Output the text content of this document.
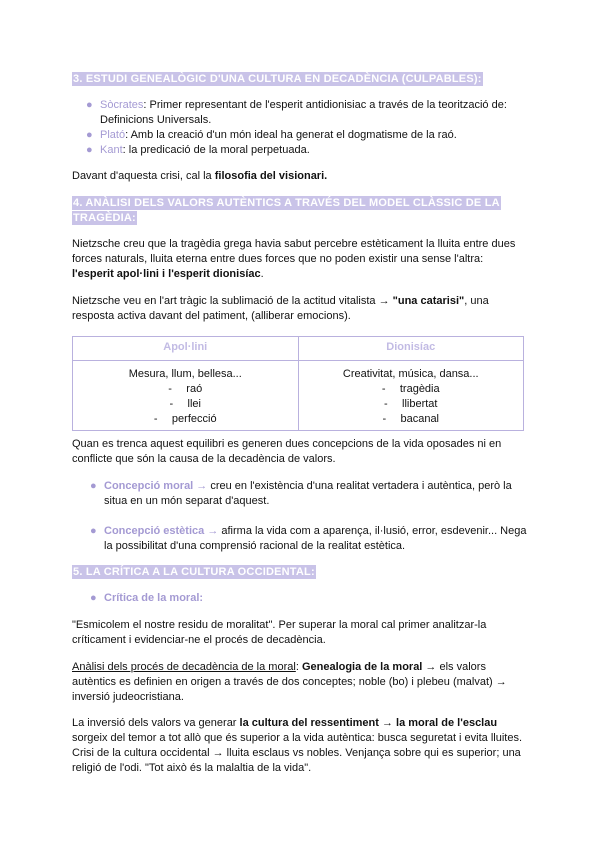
3. ESTUDI GENEALÒGIC D'UNA CULTURA EN DECADÈNCIA (CULPABLES):
● Sòcrates: Primer representant de l'esperit antidionisiac a través de la teorització de: Definicions Universals.
● Plató: Amb la creació d'un món ideal ha generat el dogmatisme de la raó.
● Kant: la predicació de la moral perpetuada.

Davant d'aquesta crisi, cal la filosofia del visionari.

4. ANÀLISI DELS VALORS AUTÈNTICS A TRAVÉS DEL MODEL CLÀSSIC DE LA TRAGÈDIA:

Nietzsche creu que la tragèdia grega havia sabut percebre estèticament la lluita entre dues forces naturals, lluita eterna entre dues forces que no poden existir una sense l'altra:
l'esperit apol·lini i l'esperit dionisíac.

Nietzsche veu en l'art tràgic la sublimació de la actitud vitalista → "una catarisi", una resposta activa davant del patiment, (alliberar emocions).

Apol·lini	Dionisíac

Mesura, llum, bellesa...
- raó
- llei
- perfecció	Creativitat, música, dansa...
- tragèdia
- llibertat
- bacanal

Quan es trenca aquest equilibri es generen dues concepcions de la vida oposades ni en conflicte que són la causa de la decadència de valors.

● Concepció moral → creu en l'existència d'una realitat vertadera i autèntica, però la situa en un món separat d'aquest.
● Concepció estètica → afirma la vida com a aparença, il·lusió, error, esdevenir... Nega la possibilitat d'una comprensió racional de la realitat estètica.
5. LA CRÍTICA A LA CULTURA OCCIDENTAL:
● Crítica de la moral:

"Esmicolem el nostre residu de moralitat". Per superar la moral cal primer analitzar-la críticament i evidenciar-ne el procés de decadència.

Anàlisi dels procés de decadència de la moral: Genealogia de la moral → els valors autèntics es definien en origen a través de dos conceptes; noble (bo) i plebeu (malvat) → inversió judeocristiana.

La inversió dels valors va generar la cultura del ressentiment → la moral de l'esclau sorgeix del temor a tot allò que és superior a la vida autèntica: busca seguretat i evita lluites. Crisi de la cultura occidental → lluita esclaus vs nobles. Venjança sobre qui es superior; una religió de l'odi. "Tot això és la malaltia de la vida".
